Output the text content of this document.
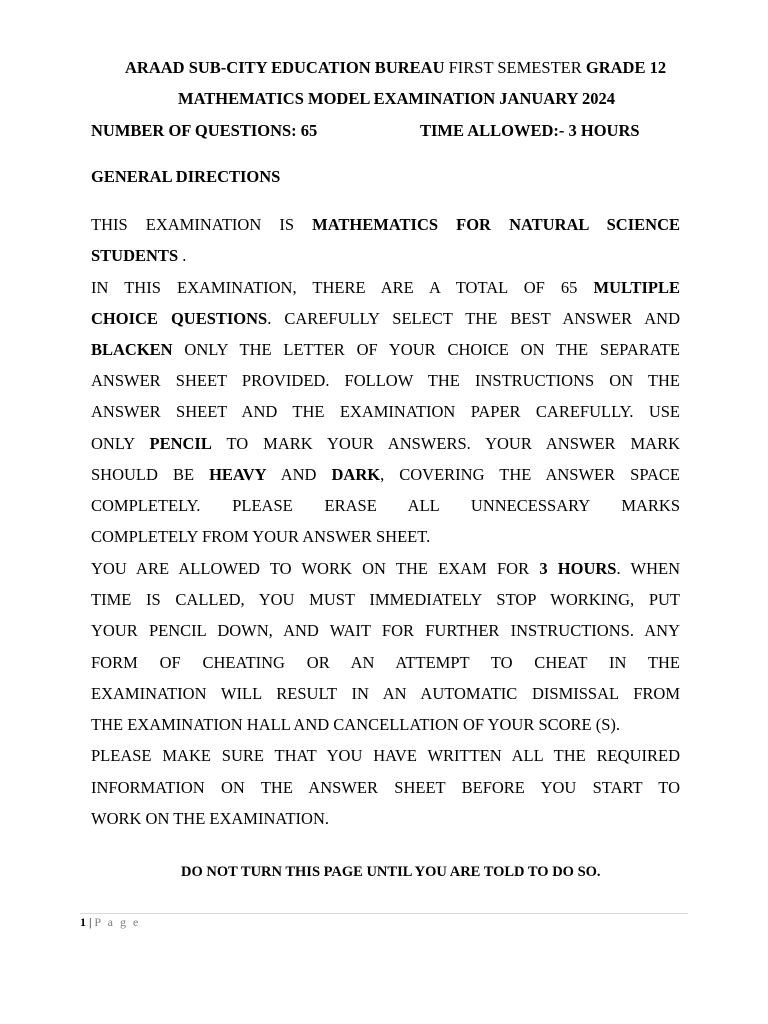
ARAAD SUB-CITY EDUCATION BUREAU FIRST SEMESTER GRADE 12
MATHEMATICS MODEL EXAMINATION JANUARY 2024
NUMBER OF QUESTIONS: 65	TIME ALLOWED:- 3 HOURS
GENERAL DIRECTIONS
THIS EXAMINATION IS MATHEMATICS FOR NATURAL SCIENCE
STUDENTS .
IN THIS EXAMINATION, THERE ARE A TOTAL OF 65 MULTIPLE
CHOICE QUESTIONS. CAREFULLY SELECT THE BEST ANSWER AND
BLACKEN ONLY THE LETTER OF YOUR CHOICE ON THE SEPARATE
ANSWER SHEET PROVIDED. FOLLOW THE INSTRUCTIONS ON THE
ANSWER SHEET AND THE EXAMINATION PAPER CAREFULLY. USE
ONLY PENCIL TO MARK YOUR ANSWERS. YOUR ANSWER MARK
SHOULD BE HEAVY AND DARK, COVERING THE ANSWER SPACE
COMPLETELY. PLEASE ERASE ALL UNNECESSARY MARKS
COMPLETELY FROM YOUR ANSWER SHEET.
YOU ARE ALLOWED TO WORK ON THE EXAM FOR 3 HOURS. WHEN
TIME IS CALLED, YOU MUST IMMEDIATELY STOP WORKING, PUT
YOUR PENCIL DOWN, AND WAIT FOR FURTHER INSTRUCTIONS. ANY
FORM OF CHEATING OR AN ATTEMPT TO CHEAT IN THE
EXAMINATION WILL RESULT IN AN AUTOMATIC DISMISSAL FROM
THE EXAMINATION HALL AND CANCELLATION OF YOUR SCORE (S).
PLEASE MAKE SURE THAT YOU HAVE WRITTEN ALL THE REQUIRED
INFORMATION ON THE ANSWER SHEET BEFORE YOU START TO
WORK ON THE EXAMINATION.
DO NOT TURN THIS PAGE UNTIL YOU ARE TOLD TO DO SO.
1 | P a g e
